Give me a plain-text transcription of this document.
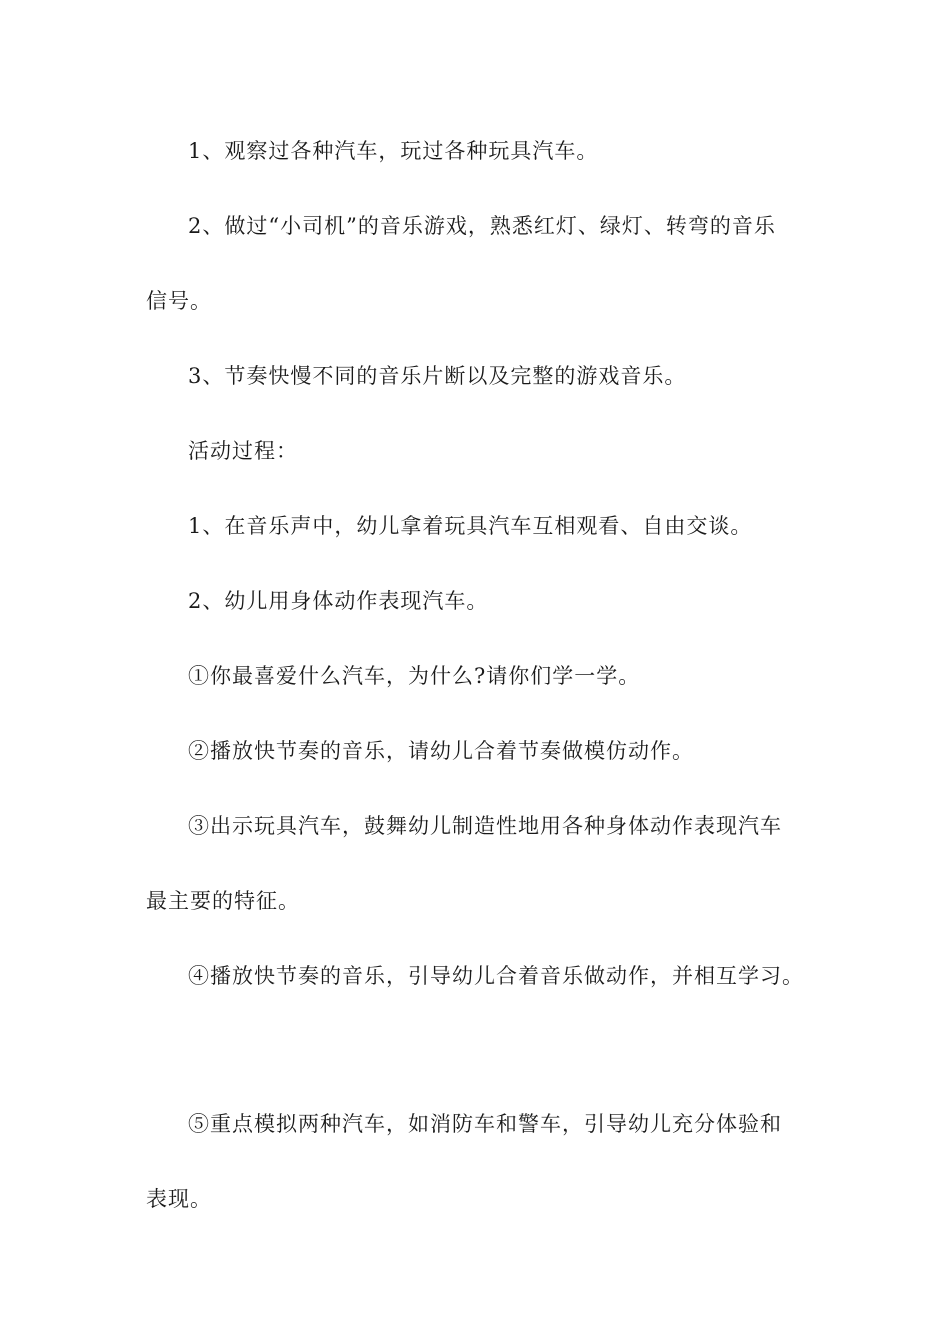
1、观察过各种汽车，玩过各种玩具汽车。
2、做过“小司机”的音乐游戏，熟悉红灯、绿灯、转弯的音乐
信号。
3、节奏快慢不同的音乐片断以及完整的游戏音乐。
活动过程：
1、在音乐声中，幼儿拿着玩具汽车互相观看、自由交谈。
2、幼儿用身体动作表现汽车。
①你最喜爱什么汽车，为什么?请你们学一学。
②播放快节奏的音乐，请幼儿合着节奏做模仿动作。
③出示玩具汽车，鼓舞幼儿制造性地用各种身体动作表现汽车
最主要的特征。
④播放快节奏的音乐，引导幼儿合着音乐做动作，并相互学习。
⑤重点模拟两种汽车，如消防车和警车，引导幼儿充分体验和
表现。
